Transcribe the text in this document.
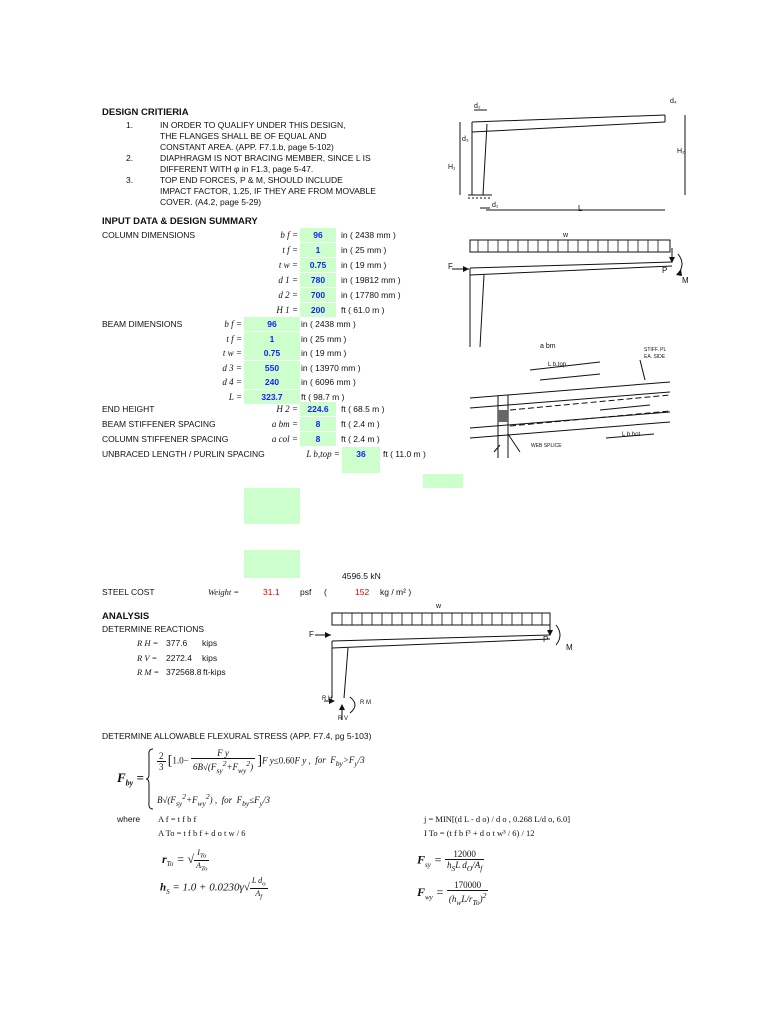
DESIGN CRITIERIA
1.	IN ORDER TO QUALIFY UNDER THIS DESIGN,
THE FLANGES SHALL BE OF EQUAL AND
CONSTANT AREA. (APP. F7.1.b, page 5-102)
2.	DIAPHRAGM IS NOT BRACING MEMBER, SINCE L IS
DIFFERENT WITH φ in F1.3, page 5-47.
3.	TOP END FORCES, P & M, SHOULD INCLUDE
IMPACT FACTOR, 1.25, IF THEY ARE FROM MOVABLE
COVER. (A4.2, page 5-29)
INPUT DATA & DESIGN SUMMARY
COLUMN DIMENSIONS	b f =	96	in ( 2438 mm )
t f =	1	in ( 25 mm )
t w =	0.75	in ( 19 mm )
d 1 =	780	in ( 19812 mm )
d 2 =	700	in ( 17780 mm )
H 1 =	200	ft ( 61.0 m )
BEAM DIMENSIONS	b f =	96	in ( 2438 mm )
t f =	1	in ( 25 mm )
t w =	0.75	in ( 19 mm )
d 3 =	550	in ( 13970 mm )
d 4 =	240	in ( 6096 mm )
L =	323.7	ft ( 98.7 m )
END HEIGHT	H 2 =	224.6	ft ( 68.5 m )
BEAM STIFFENER SPACING	a bm =	8	ft ( 2.4 m )
COLUMN STIFFENER SPACING	a col =	8	ft ( 2.4 m )
UNBRACED LENGTH / PURLIN SPACING	L b,top =	36	ft ( 11.0 m )
4596.5 kN
STEEL COST	Weight =	31.1 psf (	152 kg / m² )
ANALYSIS
DETERMINE REACTIONS
R H = 377.6 kips
R V = 2272.4 kips
R M = 372568.8 ft-kips
DETERMINE ALLOWABLE FLEXURAL STRESS (APP. F7.4, pg 5-103)
$F_{by}$ =
$\frac{2}{3} [1.0-$
F y
$6B√(F_{sy}^2+F_{wy}^2)$ ]F y≤0.60F y ,  for  $F_{by}>F_y/3$
$B√(F_{sy}^2+F_{wy}^2)$ ,  for  $F_{by}\le F_y/3$
where A f = t f b f
A To = t f b f + d o t w / 6
j = MIN[(d L - d o) / d o , 0.268 L/d o, 6.0]
I To = (t f b f³ + d o t w³ / 6) / 12
$r_{To}$ = √ $I_{To}$
$A_{To}$
$h_S = 1.0 + 0.0230\gamma√ \frac{L d_o}{A_f}$
$F_{sy} = 12000$
$h_SL$ $d_O/A_f$
$F_{wy}$ =
170000
$(h_wL/r_{To})^2$
d₂
d₄
d₃
H₁
H₂
d₁	L
w
F	P
M
a bm
L b,top
L b,bot
STIFF. PL
EA. SIDE
WEB SPLICE
w
F
P
M
R H
R M
R V
